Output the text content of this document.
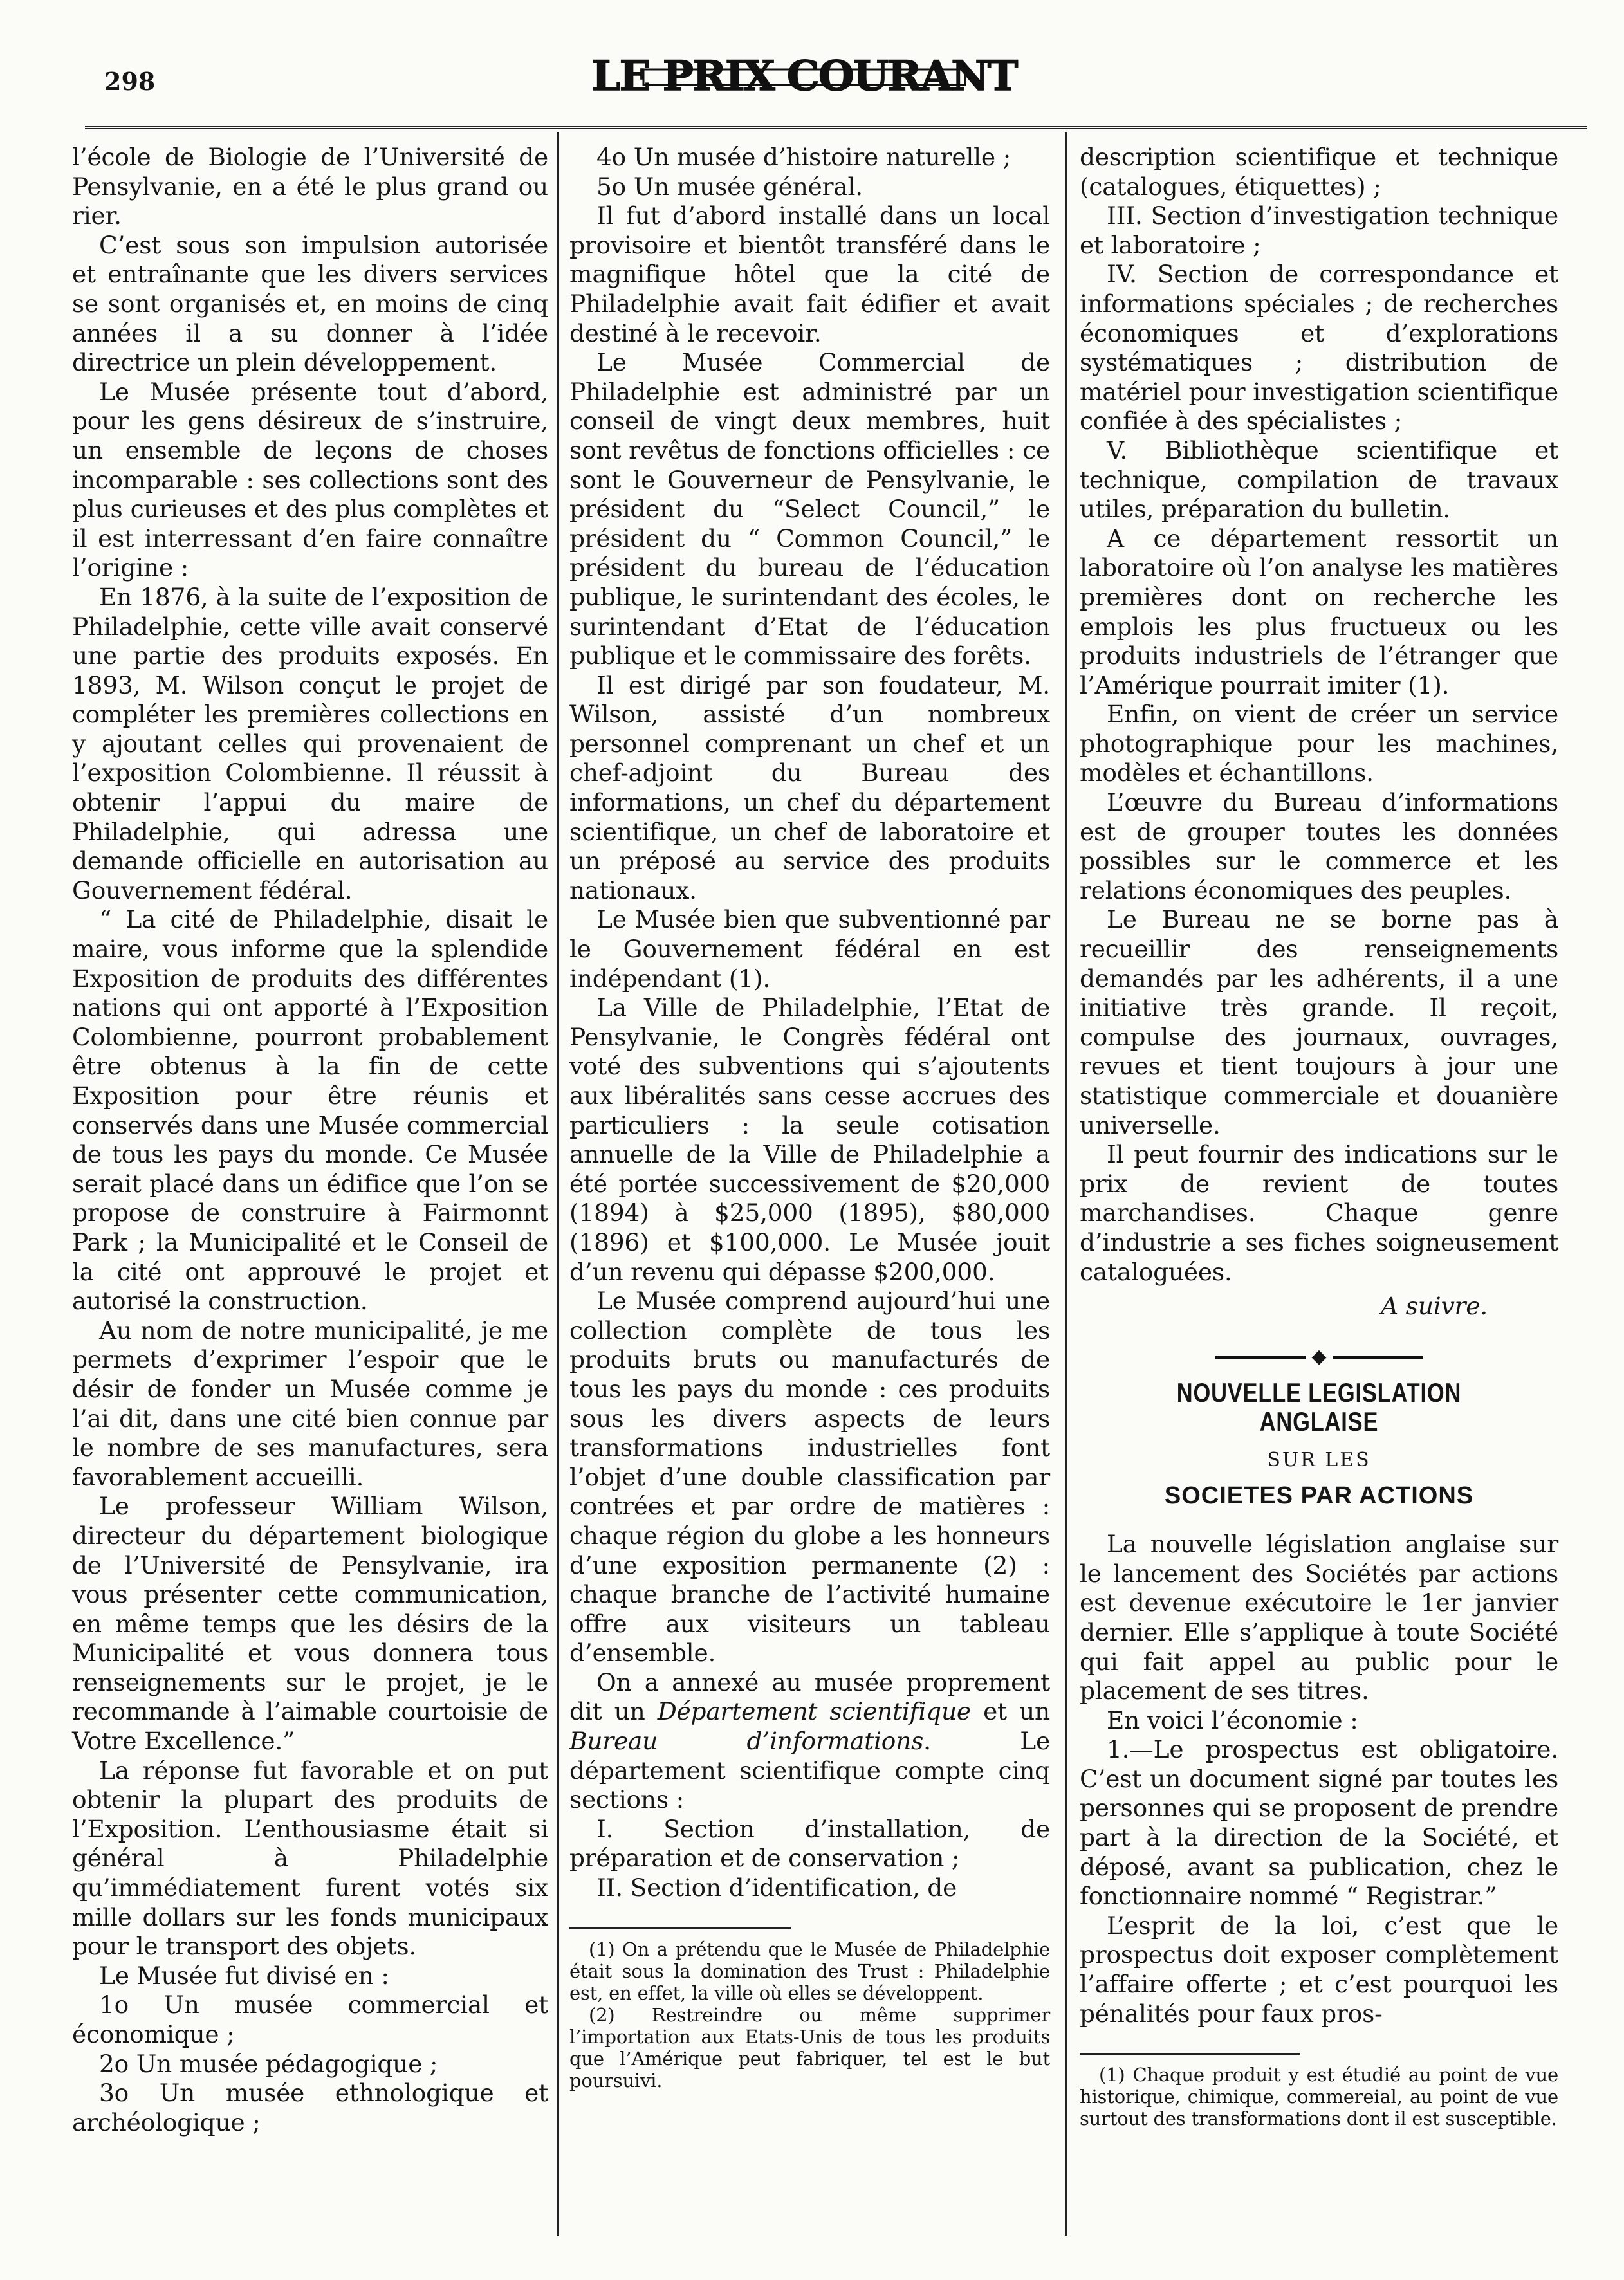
298	LE PRIX COURANT

l’école de Biologie de l’Université de Pensylvanie, en a été le plus grand ou rier.

C’est sous son impulsion autorisée et entraînante que les divers services se sont organisés et, en moins de cinq années il a su donner à l’idée directrice un plein développement.

Le Musée présente tout d’abord, pour les gens désireux de s’instruire, un ensemble de leçons de choses incomparable : ses collections sont des plus curieuses et des plus complètes et il est interressant d’en faire connaître l’origine :

En 1876, à la suite de l’exposition de Philadelphie, cette ville avait conservé une partie des produits exposés. En 1893, M. Wilson conçut le projet de compléter les premières collections en y ajoutant celles qui provenaient de l’exposition Colombienne. Il réussit à obtenir l’appui du maire de Philadelphie, qui adressa une demande officielle en autorisation au Gouvernement fédéral.

“ La cité de Philadelphie, disait le maire, vous informe que la splendide Exposition de produits des différentes nations qui ont apporté à l’Exposition Colombienne, pourront probablement être obtenus à la fin de cette Exposition pour être réunis et conservés dans une Musée commercial de tous les pays du monde. Ce Musée serait placé dans un édifice que l’on se propose de construire à Fairmonnt Park ; la Municipalité et le Conseil de la cité ont approuvé le projet et autorisé la construction.

Au nom de notre municipalité, je me permets d’exprimer l’espoir que le désir de fonder un Musée comme je l’ai dit, dans une cité bien connue par le nombre de ses manufactures, sera favorablement accueilli.

Le professeur William Wilson, directeur du département biologique de l’Université de Pensylvanie, ira vous présenter cette communication, en même temps que les désirs de la Municipalité et vous donnera tous renseignements sur le projet, je le recommande à l’aimable courtoisie de Votre Excellence.”

La réponse fut favorable et on put obtenir la plupart des produits de l’Exposition. L’enthousiasme était si général à Philadelphie qu’immédiatement furent votés six mille dollars sur les fonds municipaux pour le transport des objets.

Le Musée fut divisé en :

1o Un musée commercial et économique ;

2o Un musée pédagogique ;

3o Un musée ethnologique et archéologique ;

4o Un musée d’histoire naturelle ;

5o Un musée général.

Il fut d’abord installé dans un local provisoire et bientôt transféré dans le magnifique hôtel que la cité de Philadelphie avait fait édifier et avait destiné à le recevoir.

Le Musée Commercial de Philadelphie est administré par un conseil de vingt deux membres, huit sont revêtus de fonctions officielles : ce sont le Gouverneur de Pensylvanie, le président du “Select Council,” le président du “ Common Council,” le président du bureau de l’éducation publique, le surintendant des écoles, le surintendant d’Etat de l’éducation publique et le commissaire des forêts.

Il est dirigé par son foudateur, M. Wilson, assisté d’un nombreux personnel comprenant un chef et un chef-adjoint du Bureau des informations, un chef du département scientifique, un chef de laboratoire et un préposé au service des produits nationaux.

Le Musée bien que subventionné par le Gouvernement fédéral en est indépendant (1).

La Ville de Philadelphie, l’Etat de Pensylvanie, le Congrès fédéral ont voté des subventions qui s’ajoutents aux libéralités sans cesse accrues des particuliers : la seule cotisation annuelle de la Ville de Philadelphie a été portée successivement de $20,000 (1894) à $25,000 (1895), $80,000 (1896) et $100,000. Le Musée jouit d’un revenu qui dépasse $200,000.

Le Musée comprend aujourd’hui une collection complète de tous les produits bruts ou manufacturés de tous les pays du monde : ces produits sous les divers aspects de leurs transformations industrielles font l’objet d’une double classification par contrées et par ordre de matières : chaque région du globe a les honneurs d’une exposition permanente (2) : chaque branche de l’activité humaine offre aux visiteurs un tableau d’ensemble.

On a annexé au musée proprement dit un Département scientifique et un Bureau d’informations. Le département scientifique compte cinq sections :

I. Section d’installation, de préparation et de conservation ;

II. Section d’identification, de

(1) On a prétendu que le Musée de Philadelphie était sous la domination des Trust : Philadelphie est, en effet, la ville où elles se développent.

(2) Restreindre ou même supprimer l’importation aux Etats-Unis de tous les produits que l’Amérique peut fabriquer, tel est le but poursuivi.

description scientifique et technique (catalogues, étiquettes) ;

III. Section d’investigation technique et laboratoire ;

IV. Section de correspondance et informations spéciales ; de recherches économiques et d’explorations systématiques ; distribution de matériel pour investigation scientifique confiée à des spécialistes ;

V. Bibliothèque scientifique et technique, compilation de travaux utiles, préparation du bulletin.

A ce département ressortit un laboratoire où l’on analyse les matières premières dont on recherche les emplois les plus fructueux ou les produits industriels de l’étranger que l’Amérique pourrait imiter (1).

Enfin, on vient de créer un service photographique pour les machines, modèles et échantillons.

L’œuvre du Bureau d’informations est de grouper toutes les données possibles sur le commerce et les relations économiques des peuples.

Le Bureau ne se borne pas à recueillir des renseignements demandés par les adhérents, il a une initiative très grande. Il reçoit, compulse des journaux, ouvrages, revues et tient toujours à jour une statistique commerciale et douanière universelle.

Il peut fournir des indications sur le prix de revient de toutes marchandises. Chaque genre d’industrie a ses fiches soigneusement cataloguées.

A suivre.

◆

NOUVELLE LEGISLATION ANGLAISE

SUR LES

SOCIETES PAR ACTIONS

La nouvelle législation anglaise sur le lancement des Sociétés par actions est devenue exécutoire le 1er janvier dernier. Elle s’applique à toute Société qui fait appel au public pour le placement de ses titres.

En voici l’économie :

1.—Le prospectus est obligatoire. C’est un document signé par toutes les personnes qui se proposent de prendre part à la direction de la Société, et déposé, avant sa publication, chez le fonctionnaire nommé “ Registrar.”

L’esprit de la loi, c’est que le prospectus doit exposer complètement l’affaire offerte ; et c’est pourquoi les pénalités pour faux pros-

(1) Chaque produit y est étudié au point de vue historique, chimique, commereial, au point de vue surtout des transformations dont il est susceptible.
